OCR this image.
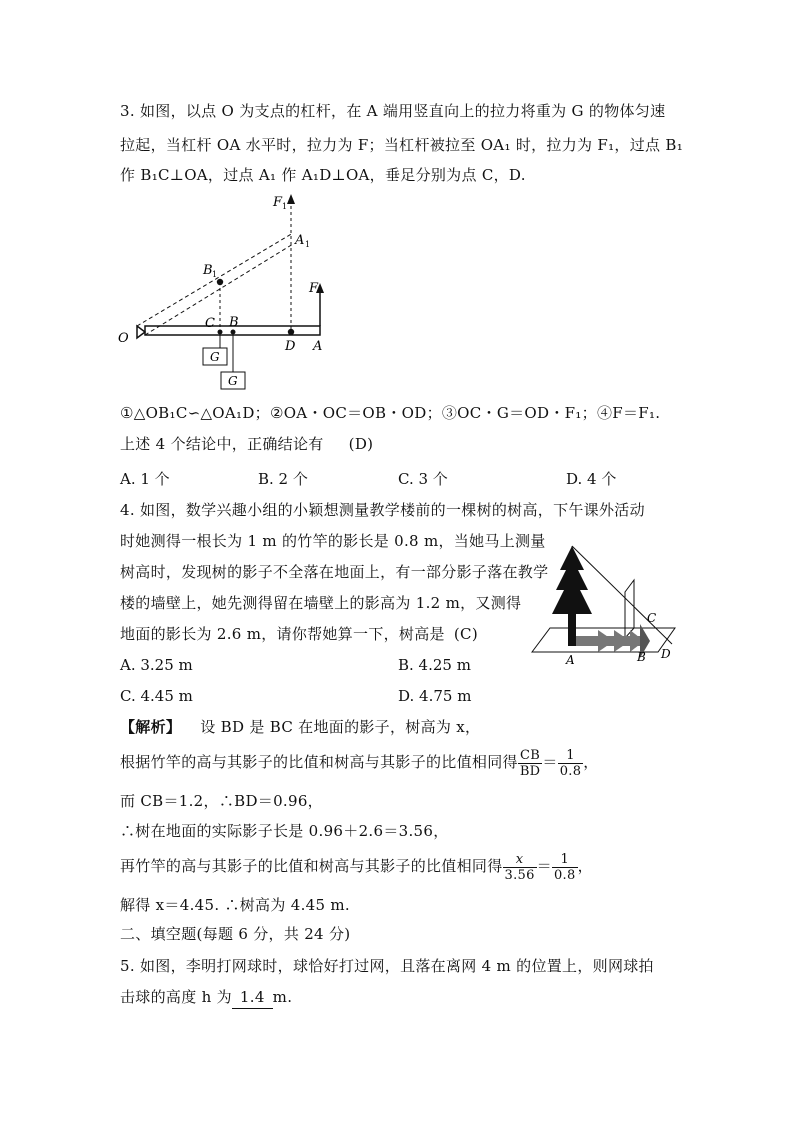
3. 如图，以点 O 为支点的杠杆，在 A 端用竖直向上的拉力将重为 G 的物体匀速
拉起，当杠杆 OA 水平时，拉力为 F；当杠杆被拉至 OA₁ 时，拉力为 F₁，过点 B₁
作 B₁C⊥OA，过点 A₁ 作 A₁D⊥OA，垂足分别为点 C，D.
O
C B
D A
F
F 1
A 1
B 1
G
G
①△OB₁C∽△OA₁D；②OA・OC＝OB・OD；③OC・G＝OD・F₁；④F＝F₁.
上述 4 个结论中，正确结论有 (D)
A. 1 个	B. 2 个	C. 3 个	D. 4 个
4. 如图，数学兴趣小组的小颖想测量教学楼前的一棵树的树高，下午课外活动
时她测得一根长为 1 m 的竹竿的影长是 0.8 m，当她马上测量
树高时，发现树的影子不全落在地面上，有一部分影子落在教学
楼的墙壁上，她先测得留在墙壁上的影高为 1.2 m，又测得
地面的影长为 2.6 m，请你帮她算一下，树高是 (C)
A	B
C
D
A. 3.25 m	B. 4.25 m
C. 4.45 m	D. 4.75 m
【解析】 设 BD 是 BC 在地面的影子，树高为 x，
根据竹竿的高与其影子的比值和树高与其影子的比值相同得 $\frac{CB}{BD} = \frac{1}{0.8}$ ，
而 CB＝1.2，∴BD＝0.96，
∴树在地面的实际影子长是 0.96＋2.6＝3.56，
再竹竿的高与其影子的比值和树高与其影子的比值相同得 $\frac{x}{3.56} = \frac{1}{0.8}$ ，
解得 x＝4.45. ∴树高为 4.45 m.
二、填空题(每题 6 分，共 24 分)
5. 如图，李明打网球时，球恰好打过网，且落在离网 4 m 的位置上，则网球拍
击球的高度 h 为 1.4 m.
